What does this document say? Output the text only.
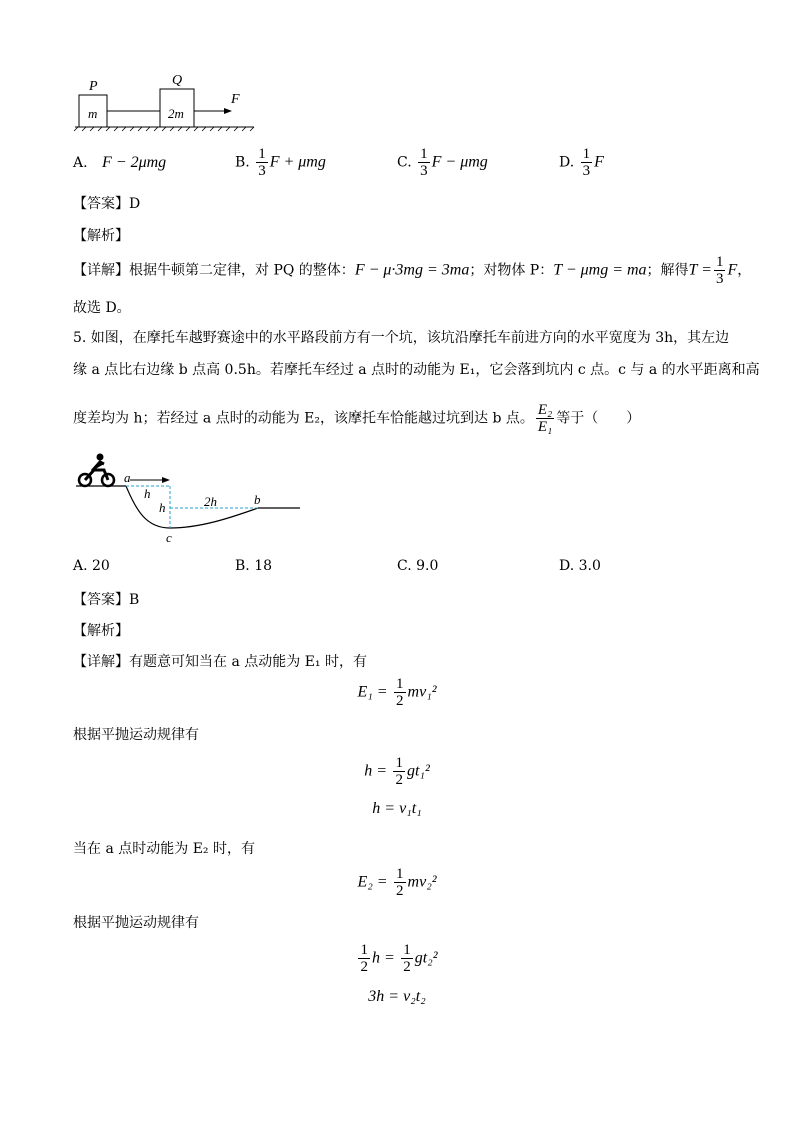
P	Q
F
m	2m
A. F − 2μmg	B. $\frac{1}{3}$ F + μmg	C. $\frac{1}{3}$ F − μmg	D. $\frac{1}{3}$ F
【答案】D
【解析】
【详解】根据牛顿第二定律，对 PQ 的整体：F − μ·3mg = 3ma；对物体 P：T − μmg = ma；解得$T = \frac{1}{3}$ F，
故选 D。
5. 如图，在摩托车越野赛途中的水平路段前方有一个坑，该坑沿摩托车前进方向的水平宽度为 3h，其左边
缘 a 点比右边缘 b 点高 0.5h。若摩托车经过 a 点时的动能为 E₁，它会落到坑内 c 点。c 与 a 的水平距离和高
度差均为 h；若经过 a 点时的动能为 E₂，该摩托车恰能越过坑到达 b 点。 $\frac{\text{E₂}}{\text{E₁}}$ 等于（　　）
a
h
h	2h	b
c
A. 20	B. 18	C. 9.0	D. 3.0
【答案】B
【解析】
【详解】有题意可知当在 a 点动能为 E₁ 时，有
$E_1 = \frac{1}{2} mv_1^2$
根据平抛运动规律有
$h = \frac{1}{2} gt_1^2$
h = v₁t₁
当在 a 点时动能为 E₂ 时，有
$E_2 = \frac{1}{2} mv_2^2$
根据平抛运动规律有
$\frac{1}{2}$ $h = \frac{1}{2} gt_2^2$
3h = v₂t₂
